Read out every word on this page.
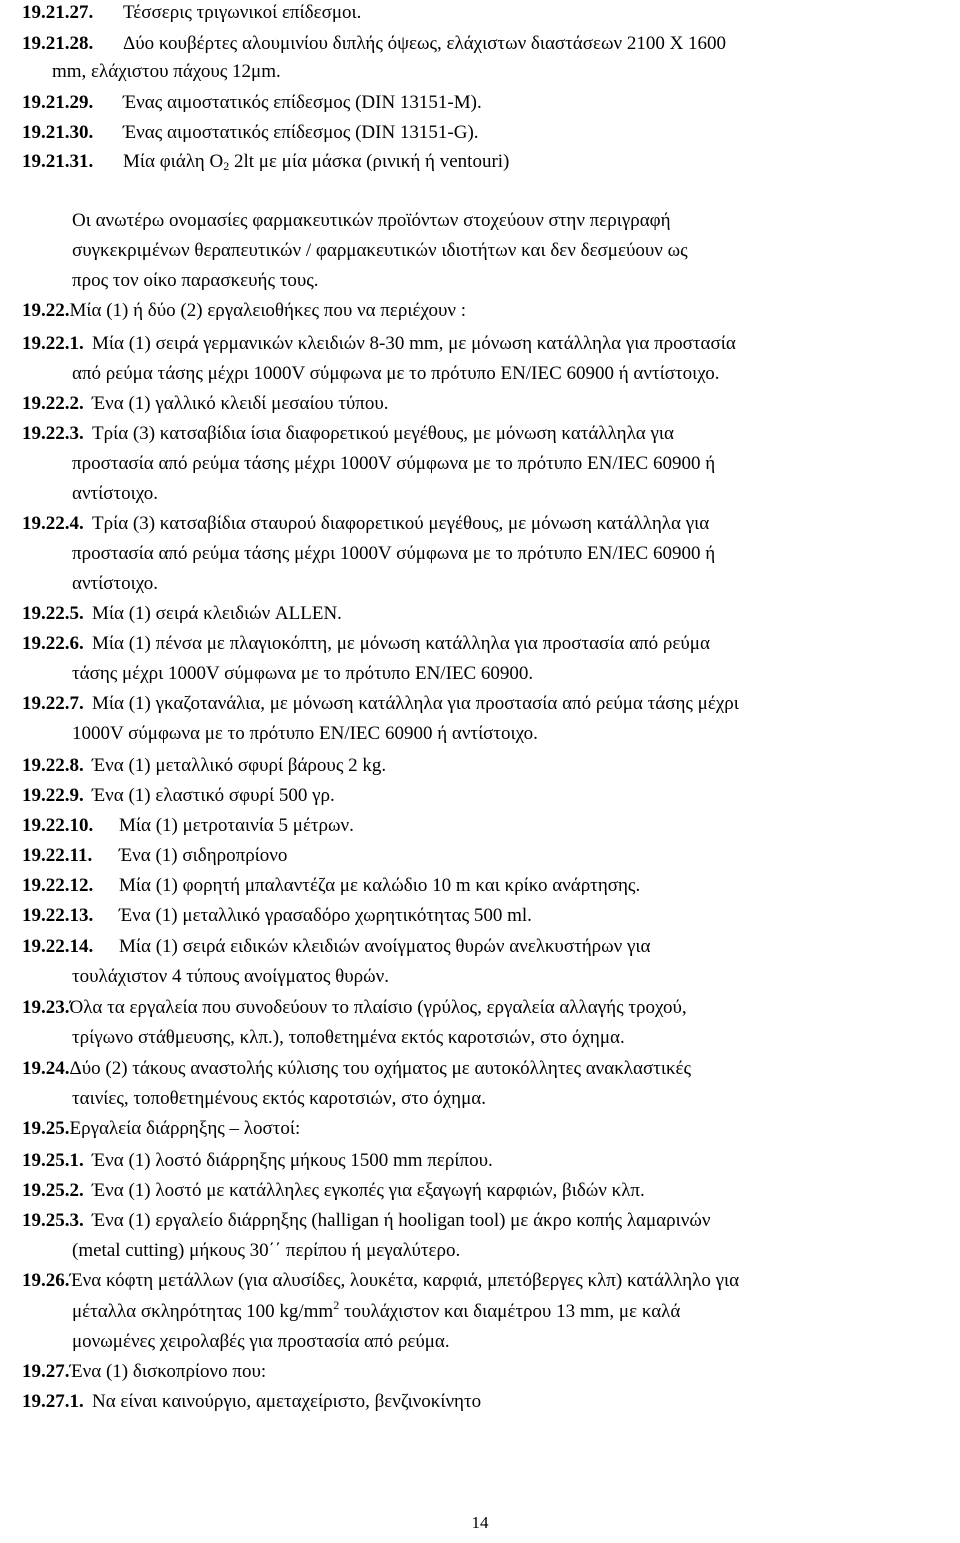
19.21.27. Τέσσερις τριγωνικοί επίδεσμοι.
19.21.28. Δύο κουβέρτες αλουμινίου διπλής όψεως, ελάχιστων διαστάσεων 2100 Χ 1600
mm, ελάχιστου πάχους 12μm.
19.21.29. Ένας αιμοστατικός επίδεσμος (DIN 13151-M).
19.21.30. Ένας αιμοστατικός επίδεσμος (DIN 13151-G).
19.21.31. Μία φιάλη $O_2$ 2lt με μία μάσκα (ρινική ή ventouri)
Οι ανωτέρω ονομασίες φαρμακευτικών προϊόντων στοχεύουν στην περιγραφή
συγκεκριμένων θεραπευτικών / φαρμακευτικών ιδιοτήτων και δεν δεσμεύουν ως
προς τον οίκο παρασκευής τους.
19.22.Μία (1) ή δύο (2) εργαλειοθήκες που να περιέχουν :
19.22.1. Μία (1) σειρά γερμανικών κλειδιών 8-30 mm, με μόνωση κατάλληλα για προστασία
από ρεύμα τάσης μέχρι 1000V σύμφωνα με το πρότυπο EN/IEC 60900 ή αντίστοιχο.
19.22.2. Ένα (1) γαλλικό κλειδί μεσαίου τύπου.
19.22.3. Τρία (3) κατσαβίδια ίσια διαφορετικού μεγέθους, με μόνωση κατάλληλα για
προστασία από ρεύμα τάσης μέχρι 1000V σύμφωνα με το πρότυπο EN/IEC 60900 ή
αντίστοιχο.
19.22.4. Τρία (3) κατσαβίδια σταυρού διαφορετικού μεγέθους, με μόνωση κατάλληλα για
προστασία από ρεύμα τάσης μέχρι 1000V σύμφωνα με το πρότυπο EN/IEC 60900 ή
αντίστοιχο.
19.22.5. Μία (1) σειρά κλειδιών ALLEN.
19.22.6. Μία (1) πένσα με πλαγιοκόπτη, με μόνωση κατάλληλα για προστασία από ρεύμα
τάσης μέχρι 1000V σύμφωνα με το πρότυπο EN/IEC 60900.
19.22.7. Μία (1) γκαζοτανάλια, με μόνωση κατάλληλα για προστασία από ρεύμα τάσης μέχρι
1000V σύμφωνα με το πρότυπο EN/IEC 60900 ή αντίστοιχο.
19.22.8. Ένα (1) μεταλλικό σφυρί βάρους 2 kg.
19.22.9. Ένα (1) ελαστικό σφυρί 500 γρ.
19.22.10. Μία (1) μετροταινία 5 μέτρων.
19.22.11. Ένα (1) σιδηροπρίονο
19.22.12. Μία (1) φορητή μπαλαντέζα με καλώδιο 10 m και κρίκο ανάρτησης.
19.22.13. Ένα (1) μεταλλικό γρασαδόρο χωρητικότητας 500 ml.
19.22.14. Μία (1) σειρά ειδικών κλειδιών ανοίγματος θυρών ανελκυστήρων για
τουλάχιστον 4 τύπους ανοίγματος θυρών.
19.23.Όλα τα εργαλεία που συνοδεύουν το πλαίσιο (γρύλος, εργαλεία αλλαγής τροχού,
τρίγωνο στάθμευσης, κλπ.), τοποθετημένα εκτός καροτσιών, στο όχημα.
19.24.Δύο (2) τάκους αναστολής κύλισης του οχήματος με αυτοκόλλητες ανακλαστικές
ταινίες, τοποθετημένους εκτός καροτσιών, στο όχημα.
19.25.Εργαλεία διάρρηξης – λοστοί:
19.25.1. Ένα (1) λοστό διάρρηξης μήκους 1500 mm περίπου.
19.25.2. Ένα (1) λοστό με κατάλληλες εγκοπές για εξαγωγή καρφιών, βιδών κλπ.
19.25.3. Ένα (1) εργαλείο διάρρηξης (halligan ή hooligan tool) με άκρο κοπής λαμαρινών
(metal cutting) μήκους 30΄΄ περίπου ή μεγαλύτερο.
19.26.Ένα κόφτη μετάλλων (για αλυσίδες, λουκέτα, καρφιά, μπετόβεργες κλπ) κατάλληλο για
μέταλλα σκληρότητας 100 $kg/mm^2$ τουλάχιστον και διαμέτρου 13 mm, με καλά
μονωμένες χειρολαβές για προστασία από ρεύμα.
19.27.Ένα (1) δισκοπρίονο που:
19.27.1. Να είναι καινούργιο, αμεταχείριστο, βενζινοκίνητο
14
